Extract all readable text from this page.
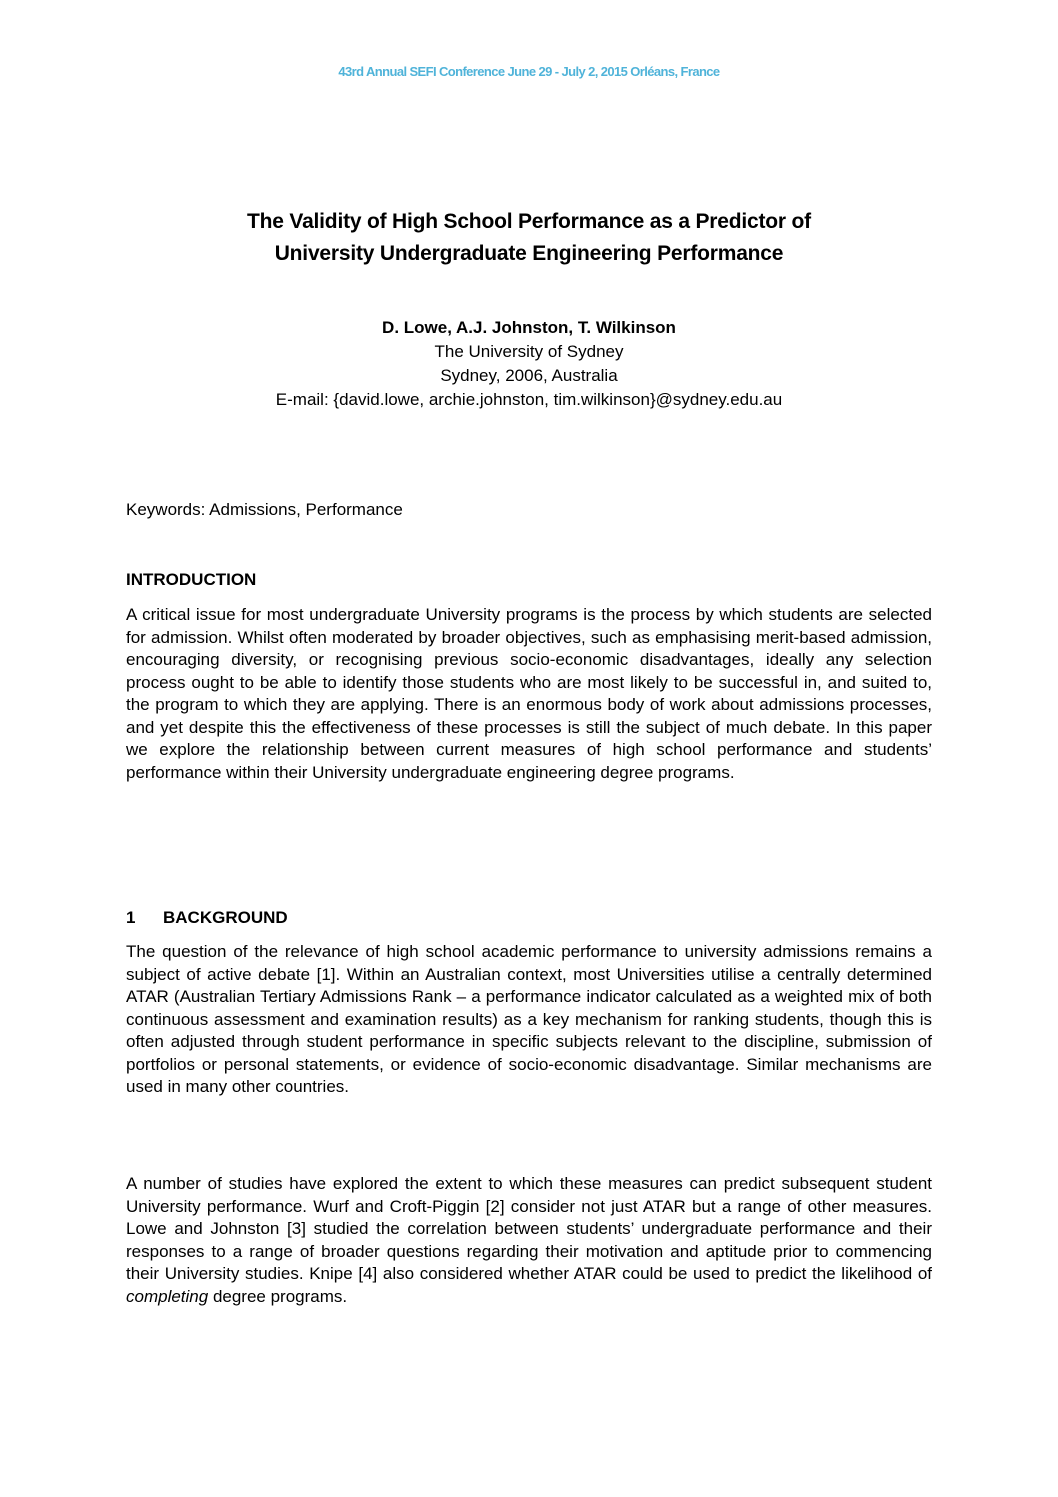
43rd Annual SEFI Conference June 29 - July 2, 2015 Orléans, France
The Validity of High School Performance as a Predictor of
University Undergraduate Engineering Performance
D. Lowe, A.J. Johnston, T. Wilkinson
The University of Sydney
Sydney, 2006, Australia
E-mail: {david.lowe, archie.johnston, tim.wilkinson}@sydney.edu.au
Keywords: Admissions, Performance
INTRODUCTION

A critical issue for most undergraduate University programs is the process by which students are selected for admission. Whilst often moderated by broader objectives, such as emphasising merit-based admission, encouraging diversity, or recognising previous socio-economic disadvantages, ideally any selection process ought to be able to identify those students who are most likely to be successful in, and suited to, the program to which they are applying. There is an enormous body of work about admissions processes, and yet despite this the effectiveness of these processes is still the subject of much debate. In this paper we explore the relationship between current measures of high school performance and students’ performance within their University undergraduate engineering degree programs.

1 BACKGROUND

The question of the relevance of high school academic performance to university admissions remains a subject of active debate [1]. Within an Australian context, most Universities utilise a centrally determined ATAR (Australian Tertiary Admissions Rank – a performance indicator calculated as a weighted mix of both continuous assessment and examination results) as a key mechanism for ranking students, though this is often adjusted through student performance in specific subjects relevant to the discipline, submission of portfolios or personal statements, or evidence of socio-economic disadvantage. Similar mechanisms are used in many other countries.

A number of studies have explored the extent to which these measures can predict subsequent student University performance. Wurf and Croft-Piggin [2] consider not just ATAR but a range of other measures. Lowe and Johnston [3] studied the correlation between students’ undergraduate performance and their responses to a range of broader questions regarding their motivation and aptitude prior to commencing their University studies. Knipe [4] also considered whether ATAR could be used to predict the likelihood of completing degree programs.
